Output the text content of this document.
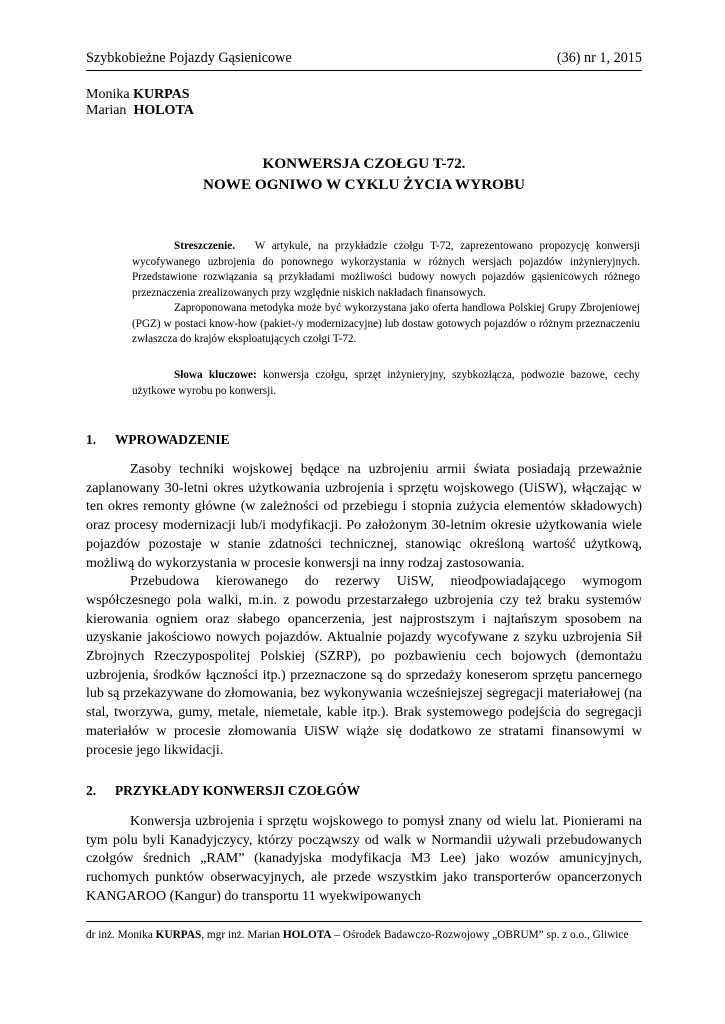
Szybkobieżne Pojazdy Gąsienicowe	(36) nr 1, 2015
Monika KURPAS
Marian HOLOTA
KONWERSJA CZOŁGU T-72.
NOWE OGNIWO W CYKLU ŻYCIA WYROBU

Streszczenie. W artykule, na przykładzie czołgu T-72, zaprezentowano propozycję konwersji wycofywanego uzbrojenia do ponownego wykorzystania w różnych wersjach pojazdów inżynieryjnych. Przedstawione rozwiązania są przykładami możliwości budowy nowych pojazdów gąsienicowych różnego przeznaczenia zrealizowanych przy względnie niskich nakładach finansowych.

Zaproponowana metodyka może być wykorzystana jako oferta handlowa Polskiej Grupy Zbrojeniowej (PGZ) w postaci know-how (pakiet-/y modernizacyjne) lub dostaw gotowych pojazdów o różnym przeznaczeniu zwłaszcza do krajów eksploatujących czołgi T-72.

Słowa kluczowe: konwersja czołgu, sprzęt inżynieryjny, szybkozłącza, podwozie bazowe, cechy użytkowe wyrobu po konwersji.

1. WPROWADZENIE

Zasoby techniki wojskowej będące na uzbrojeniu armii świata posiadają przeważnie zaplanowany 30-letni okres użytkowania uzbrojenia i sprzętu wojskowego (UiSW), włączając w ten okres remonty główne (w zależności od przebiegu i stopnia zużycia elementów składowych) oraz procesy modernizacji lub/i modyfikacji. Po założonym 30-letnim okresie użytkowania wiele pojazdów pozostaje w stanie zdatności technicznej, stanowiąc określoną wartość użytkową, możliwą do wykorzystania w procesie konwersji na inny rodzaj zastosowania.

Przebudowa kierowanego do rezerwy UiSW, nieodpowiadającego wymogom współczesnego pola walki, m.in. z powodu przestarzałego uzbrojenia czy też braku systemów kierowania ogniem oraz słabego opancerzenia, jest najprostszym i najtańszym sposobem na uzyskanie jakościowo nowych pojazdów. Aktualnie pojazdy wycofywane z szyku uzbrojenia Sił Zbrojnych Rzeczypospolitej Polskiej (SZRP), po pozbawieniu cech bojowych (demontażu uzbrojenia, środków łączności itp.) przeznaczone są do sprzedaży koneserom sprzętu pancernego lub są przekazywane do złomowania, bez wykonywania wcześniejszej segregacji materiałowej (na stal, tworzywa, gumy, metale, niemetale, kable itp.). Brak systemowego podejścia do segregacji materiałów w procesie złomowania UiSW wiąże się dodatkowo ze stratami finansowymi w procesie jego likwidacji.

2. PRZYKŁADY KONWERSJI CZOŁGÓW

Konwersja uzbrojenia i sprzętu wojskowego to pomysł znany od wielu lat. Pionierami na tym polu byli Kanadyjczycy, którzy począwszy od walk w Normandii używali przebudowanych czołgów średnich „RAM” (kanadyjska modyfikacja M3 Lee) jako wozów amunicyjnych, ruchomych punktów obserwacyjnych, ale przede wszystkim jako transporterów opancerzonych KANGAROO (Kangur) do transportu 11 wyekwipowanych

dr inż. Monika KURPAS, mgr inż. Marian HOLOTA – Ośrodek Badawczo-Rozwojowy „OBRUM” sp. z o.o., Gliwice
